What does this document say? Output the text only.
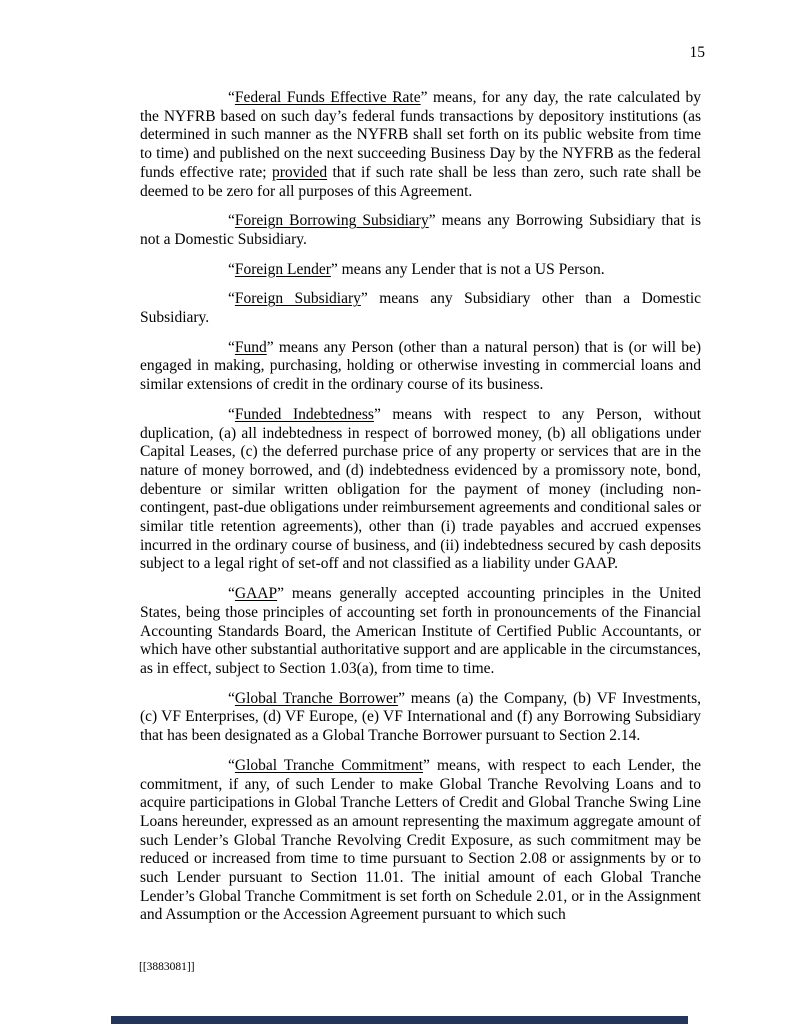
15

“Federal Funds Effective Rate” means, for any day, the rate calculated by the NYFRB based on such day’s federal funds transactions by depository institutions (as determined in such manner as the NYFRB shall set forth on its public website from time to time) and published on the next succeeding Business Day by the NYFRB as the federal funds effective rate; provided that if such rate shall be less than zero, such rate shall be deemed to be zero for all purposes of this Agreement.

“Foreign Borrowing Subsidiary” means any Borrowing Subsidiary that is not a Domestic Subsidiary.

“Foreign Lender” means any Lender that is not a US Person.

“Foreign Subsidiary” means any Subsidiary other than a Domestic Subsidiary.

“Fund” means any Person (other than a natural person) that is (or will be) engaged in making, purchasing, holding or otherwise investing in commercial loans and similar extensions of credit in the ordinary course of its business.

“Funded Indebtedness” means with respect to any Person, without duplication, (a) all indebtedness in respect of borrowed money, (b) all obligations under Capital Leases, (c) the deferred purchase price of any property or services that are in the nature of money borrowed, and (d) indebtedness evidenced by a promissory note, bond, debenture or similar written obligation for the payment of money (including non-contingent, past-due obligations under reimbursement agreements and conditional sales or similar title retention agreements), other than (i) trade payables and accrued expenses incurred in the ordinary course of business, and (ii) indebtedness secured by cash deposits subject to a legal right of set-off and not classified as a liability under GAAP.

“GAAP” means generally accepted accounting principles in the United States, being those principles of accounting set forth in pronouncements of the Financial Accounting Standards Board, the American Institute of Certified Public Accountants, or which have other substantial authoritative support and are applicable in the circumstances, as in effect, subject to Section 1.03(a), from time to time.

“Global Tranche Borrower” means (a) the Company, (b) VF Investments, (c) VF Enterprises, (d) VF Europe, (e) VF International and (f) any Borrowing Subsidiary that has been designated as a Global Tranche Borrower pursuant to Section 2.14.

“Global Tranche Commitment” means, with respect to each Lender, the commitment, if any, of such Lender to make Global Tranche Revolving Loans and to acquire participations in Global Tranche Letters of Credit and Global Tranche Swing Line Loans hereunder, expressed as an amount representing the maximum aggregate amount of such Lender’s Global Tranche Revolving Credit Exposure, as such commitment may be reduced or increased from time to time pursuant to Section 2.08 or assignments by or to such Lender pursuant to Section 11.01. The initial amount of each Global Tranche Lender’s Global Tranche Commitment is set forth on Schedule 2.01, or in the Assignment and Assumption or the Accession Agreement pursuant to which such

[[3883081]]
